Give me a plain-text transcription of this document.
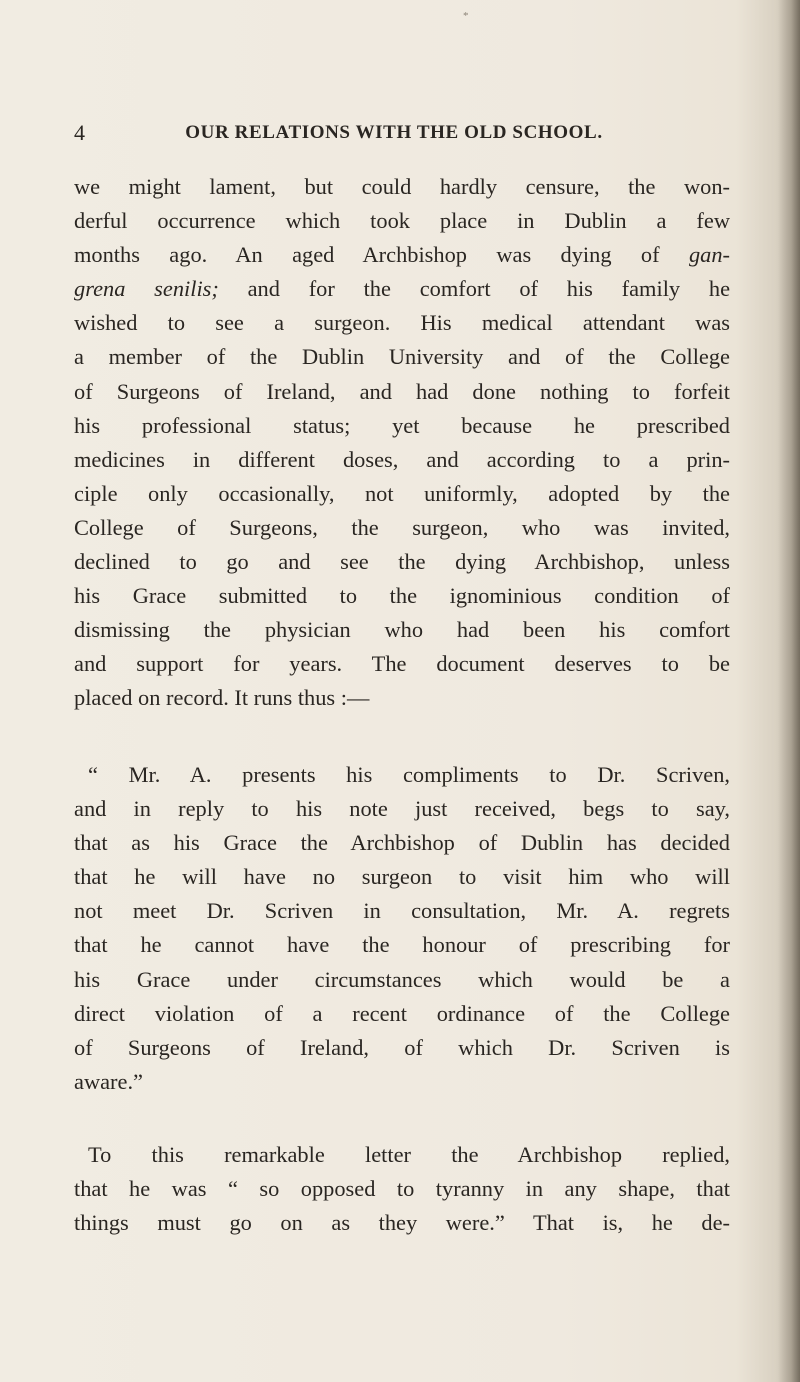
*
4	OUR RELATIONS WITH THE OLD SCHOOL.
we might lament, but could hardly censure, the won-
derful occurrence which took place in Dublin a few
months ago. An aged Archbishop was dying of gan-
grena senilis; and for the comfort of his family he
wished to see a surgeon. His medical attendant was
a member of the Dublin University and of the College
of Surgeons of Ireland, and had done nothing to forfeit
his professional status; yet because he prescribed
medicines in different doses, and according to a prin-
ciple only occasionally, not uniformly, adopted by the
College of Surgeons, the surgeon, who was invited,
declined to go and see the dying Archbishop, unless
his Grace submitted to the ignominious condition of
dismissing the physician who had been his comfort
and support for years. The document deserves to be
placed on record. It runs thus :—
“ Mr. A. presents his compliments to Dr. Scriven,
and in reply to his note just received, begs to say,
that as his Grace the Archbishop of Dublin has decided
that he will have no surgeon to visit him who will
not meet Dr. Scriven in consultation, Mr. A. regrets
that he cannot have the honour of prescribing for
his Grace under circumstances which would be a
direct violation of a recent ordinance of the College
of Surgeons of Ireland, of which Dr. Scriven is
aware.”
To this remarkable letter the Archbishop replied,
that he was “ so opposed to tyranny in any shape, that
things must go on as they were.” That is, he de-
